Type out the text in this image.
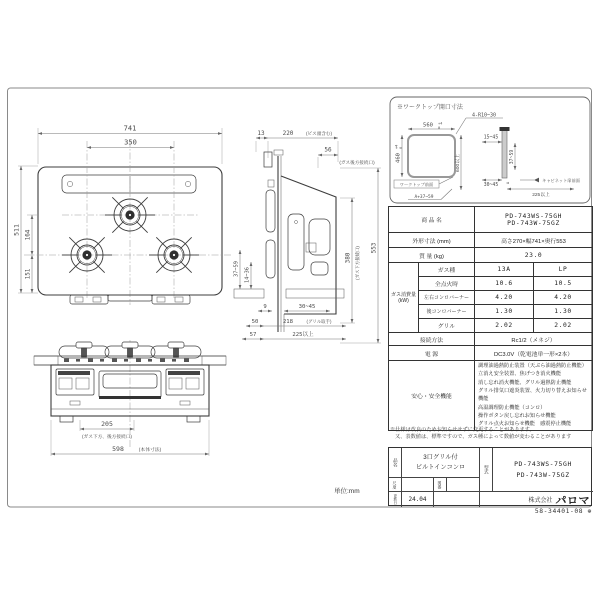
741
350
511 164
151
13	220	(ビス頭含む)
56
(ガス後方接続口)
553
380 (ガス下方接続口)
37~59 14~36
9	30~45
50	218	(グリル取手)
57	225以上
205
(ガス下方、後方接続口)
598	(本体寸法)
※ワークトップ開口寸法
560 +4
0
460
+4 0
4-R10~30
600以上
15~45
37~59
30~45 A	キャビネット扉前面
225以上
ワークトップ前面
A+37~59
商 品 名		PD-743WS-75GH
PD-743W-75GZ	

外形寸法 (mm)		高さ270×幅741×奥行553	
質 量 (kg)		23.0	

ガス消費量
(kW)	ガス種	13A	LP
	全点火時	10.6	10.5
	左右コンロバーナー	4.20	4.20
	後コンロバーナー	1.30	1.30
	グリル	2.02	2.02
接続方法		Rc1/2（メネジ）	
電 源		DC3.0V（乾電池単一形×2本）	
安心・安全機能	
調理油過熱防止装置（天ぷら油過熱防止機能）
立消え安全装置、焦げつき消火機能
消し忘れ消火機能、グリル過熱防止機能
グリル排気口遮炎装置、火力切り替えお知らせ機能
高温調理防止機能（コンロ）
操作ボタン戻し忘れお知らせ機能
グリル点火お知らせ機能　感震停止機能
※仕様は改良のためお知らせせずに変更することがあります。
又、表数値は、標準ですので、ガス種によって数値が変わることがあります
品名
3口グリル付
ビルトインコンロ	型式
PD-743WS-75GH
PD-743W-75GZ
尺度	図番
更新日	24.04	株式会社 パロマ
単位:mm
58-34401-08 ⊕
